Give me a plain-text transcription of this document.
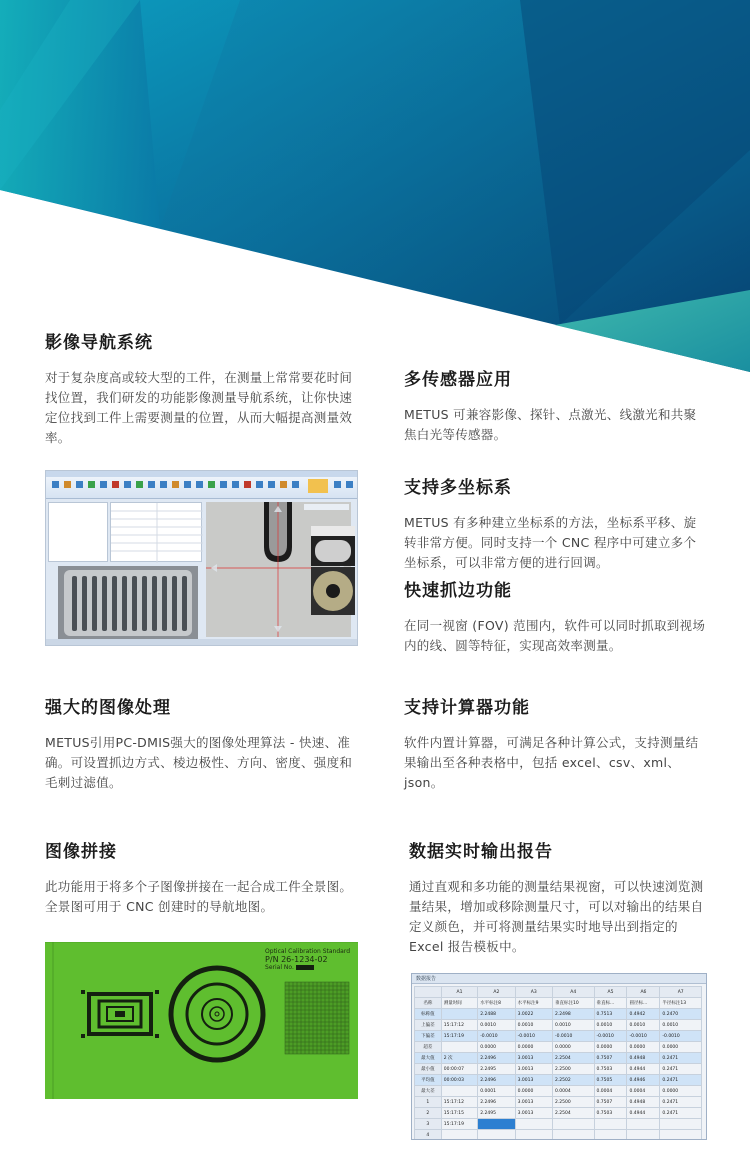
影像导航系统

对于复杂度高或较大型的工件，在测量上常常要花时间找位置，我们研发的功能影像测量导航系统，让你快速定位找到工件上需要测量的位置，从而大幅提高测量效率。

多传感器应用

METUS 可兼容影像、探针、点激光、线激光和共聚焦白光等传感器。

支持多坐标系

METUS 有多种建立坐标系的方法，坐标系平移、旋转非常方便。同时支持一个 CNC 程序中可建立多个坐标系，可以非常方便的进行回调。

快速抓边功能

在同一视窗 (FOV) 范围内，软件可以同时抓取到视场内的线、圆等特征，实现高效率测量。

强大的图像处理

METUS引用PC-DMIS强大的图像处理算法 - 快速、准确。可设置抓边方式、棱边极性、方向、密度、强度和毛刺过滤值。

支持计算器功能

软件内置计算器，可满足各种计算公式，支持测量结果输出至各种表格中，包括 excel、csv、xml、json。

图像拼接

此功能用于将多个子图像拼接在一起合成工件全景图。全景图可用于 CNC 创建时的导航地图。

数据实时输出报告

通过直观和多功能的测量结果视窗，可以快速浏览测量结果，增加或移除测量尺寸，可以对输出的结果自定义颜色，并可将测量结果实时地导出到指定的 Excel 报告模板中。

Optical Calibration Standard
P/N 26-1234-02
Serial No.
数据报告
	A1	A2	A3	A4	A5	A6	A7
名称	测量时间	水平标注8	水平标注9	垂直标注10	垂直标...	圆径标...	半径标注13
标称值		2.2488	3.0022	2.2498	0.7513	0.4942	0.2470
上偏差	15:17:12	0.0010	0.0010	0.0010	0.0010	0.0010	0.0010
下偏差	15:17:19	-0.0010	-0.0010	-0.0010	-0.0010	-0.0010	-0.0010
超差		0.0000	0.0000	0.0000	0.0000	0.0000	0.0000
最大值	2 次	2.2496	3.0013	2.2504	0.7507	0.4948	0.2471
最小值	00:00:07	2.2495	3.0013	2.2500	0.7503	0.4944	0.2471
平均值	00:00:03	2.2496	3.0013	2.2502	0.7505	0.4946	0.2471
最大差		0.0001	0.0000	0.0004	0.0004	0.0004	0.0000
1	15:17:12	2.2496	3.0013	2.2500	0.7507	0.4948	0.2471
2	15:17:15	2.2495	3.0013	2.2504	0.7503	0.4944	0.2471
3	15:17:19						
4							
